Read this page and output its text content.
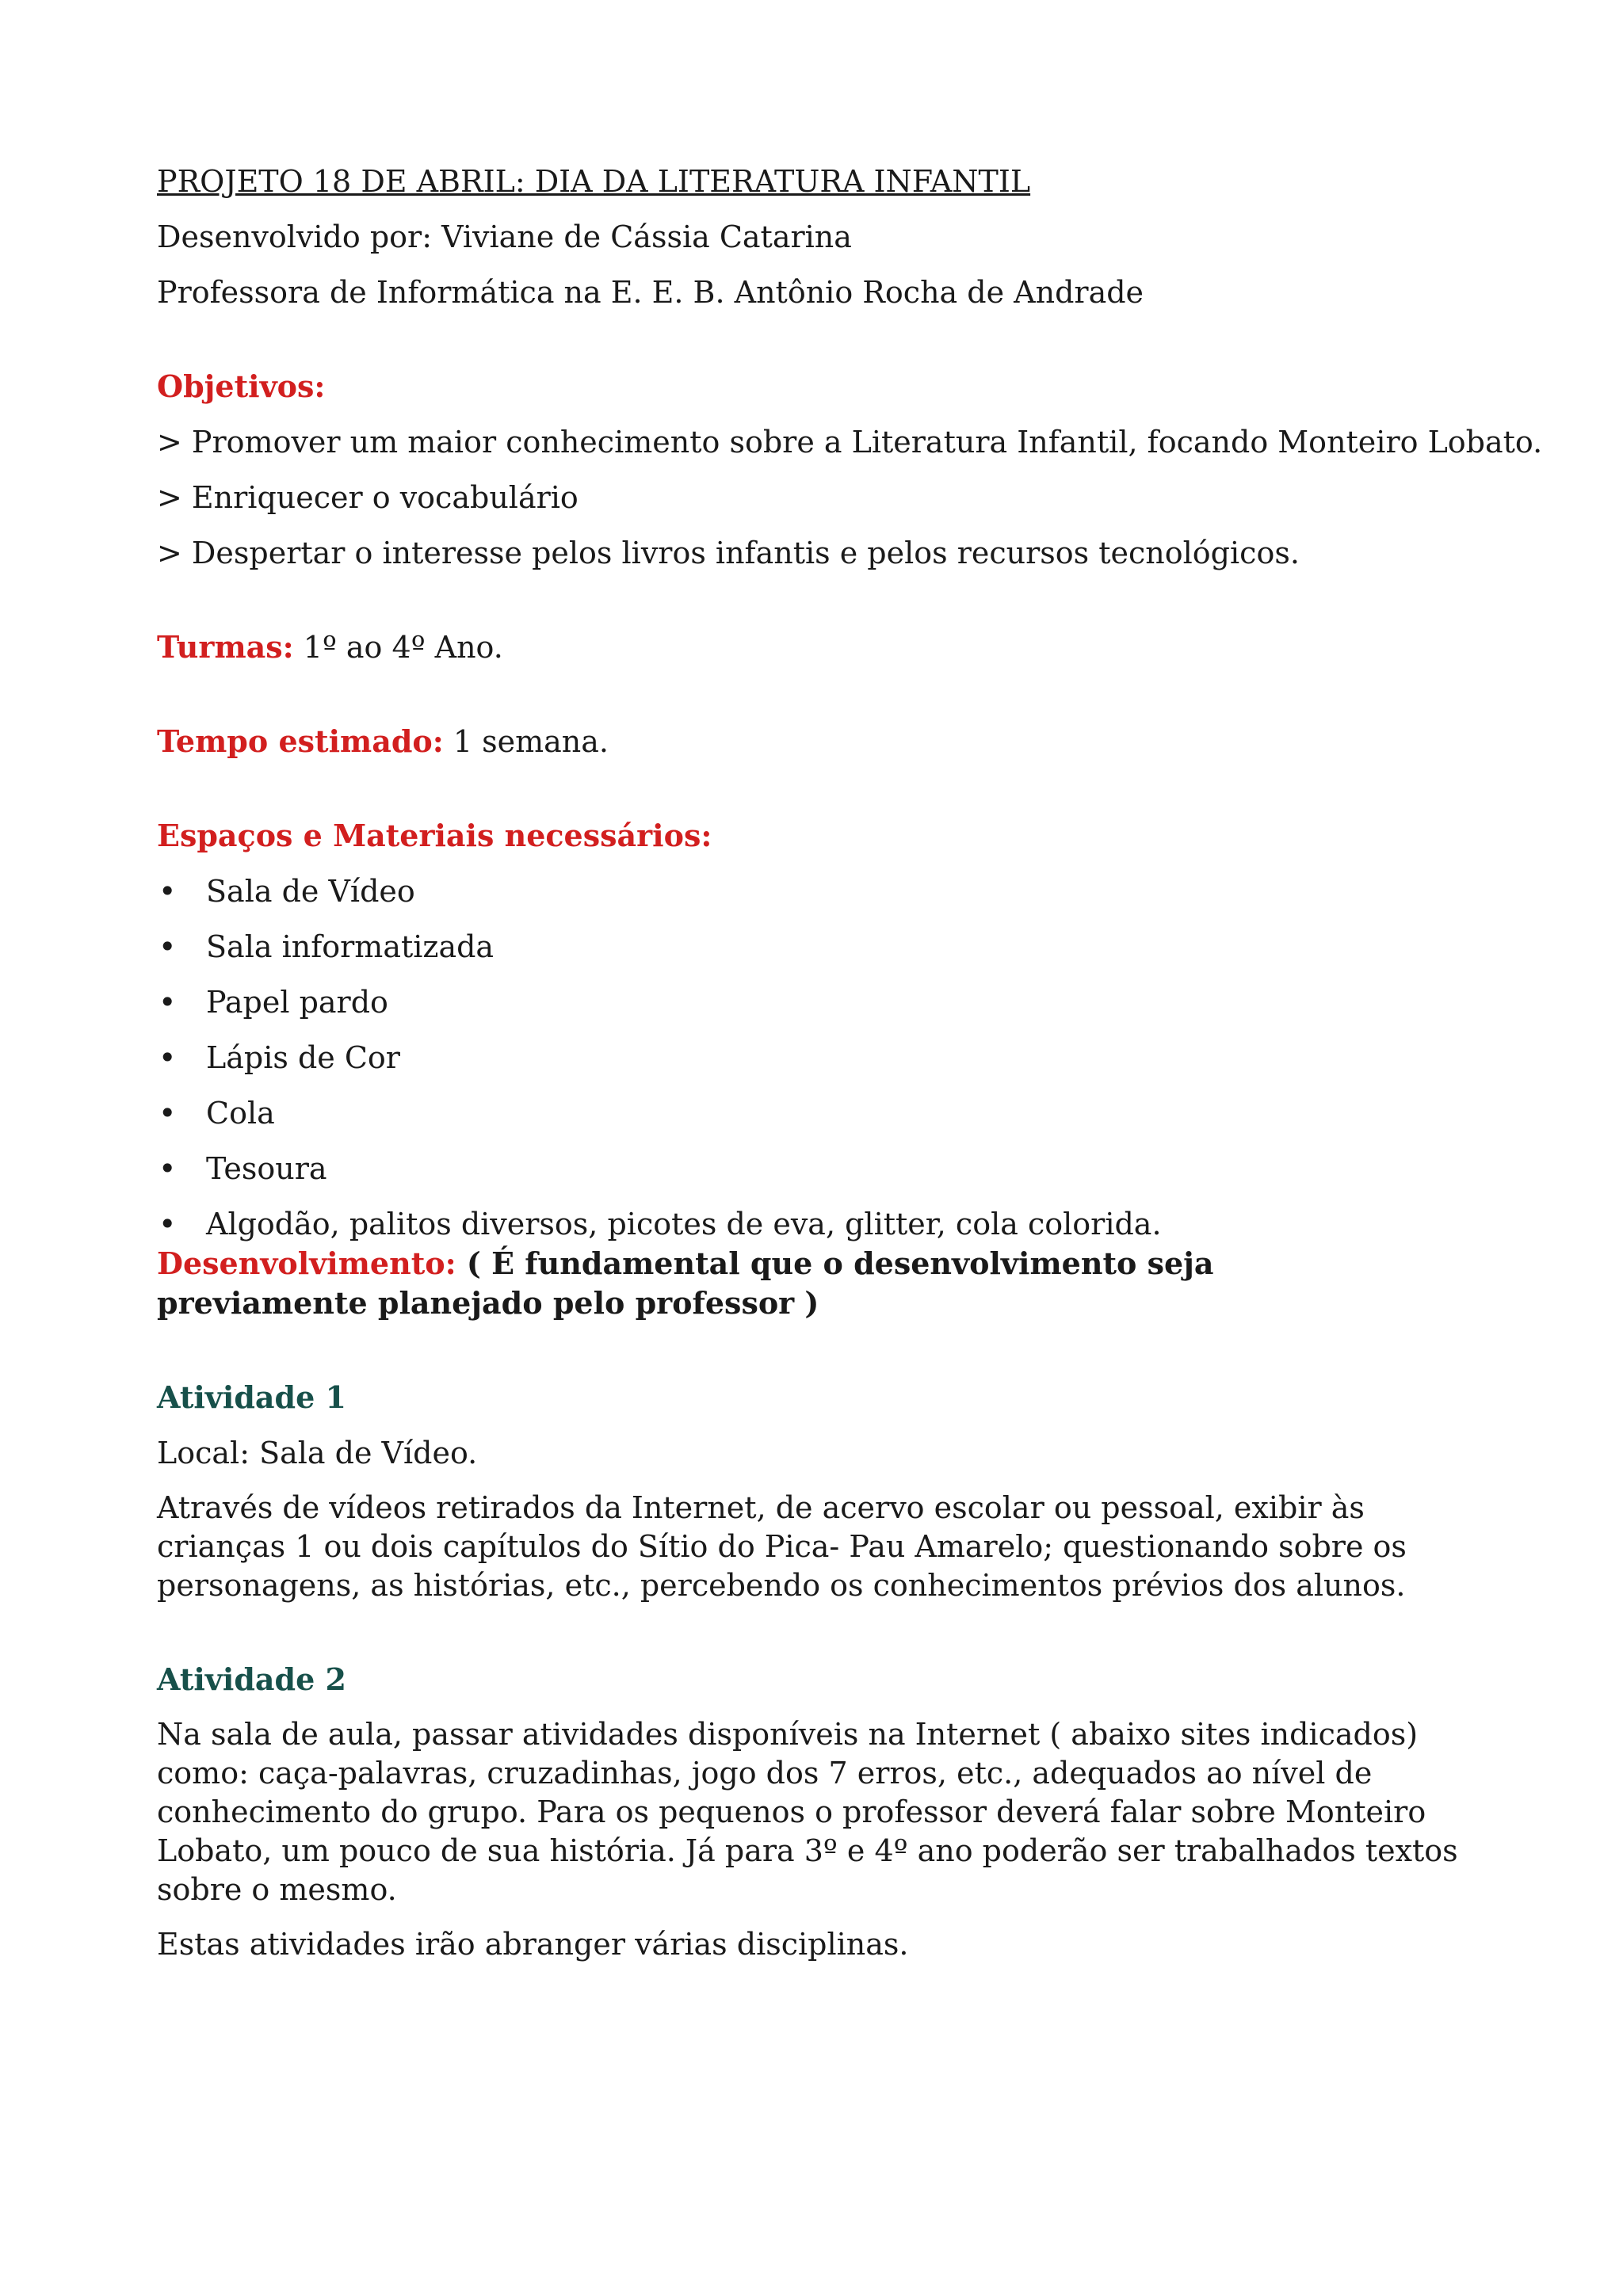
PROJETO 18 DE ABRIL: DIA DA LITERATURA INFANTIL

Desenvolvido por: Viviane de Cássia Catarina

Professora de Informática na E. E. B. Antônio Rocha de Andrade

Objetivos:

> Promover um maior conhecimento sobre a Literatura Infantil, focando Monteiro Lobato.

> Enriquecer o vocabulário

> Despertar o interesse pelos livros infantis e pelos recursos tecnológicos.

Turmas: 1º ao 4º Ano.

Tempo estimado: 1 semana.

Espaços e Materiais necessários:

• Sala de Vídeo
• Sala informatizada
• Papel pardo
• Lápis de Cor
• Cola
• Tesoura
• Algodão, palitos diversos, picotes de eva, glitter, cola colorida.

Desenvolvimento: ( É fundamental que o desenvolvimento seja previamente planejado pelo professor )

Atividade 1

Local: Sala de Vídeo.

Através de vídeos retirados da Internet, de acervo escolar ou pessoal, exibir às crianças 1 ou dois capítulos do Sítio do Pica- Pau Amarelo; questionando sobre os personagens, as histórias, etc., percebendo os conhecimentos prévios dos alunos.

Atividade 2

Na sala de aula, passar atividades disponíveis na Internet ( abaixo sites indicados) como: caça-palavras, cruzadinhas, jogo dos 7 erros, etc., adequados ao nível de conhecimento do grupo. Para os pequenos o professor deverá falar sobre Monteiro Lobato, um pouco de sua história. Já para 3º e 4º ano poderão ser trabalhados textos sobre o mesmo.

Estas atividades irão abranger várias disciplinas.
